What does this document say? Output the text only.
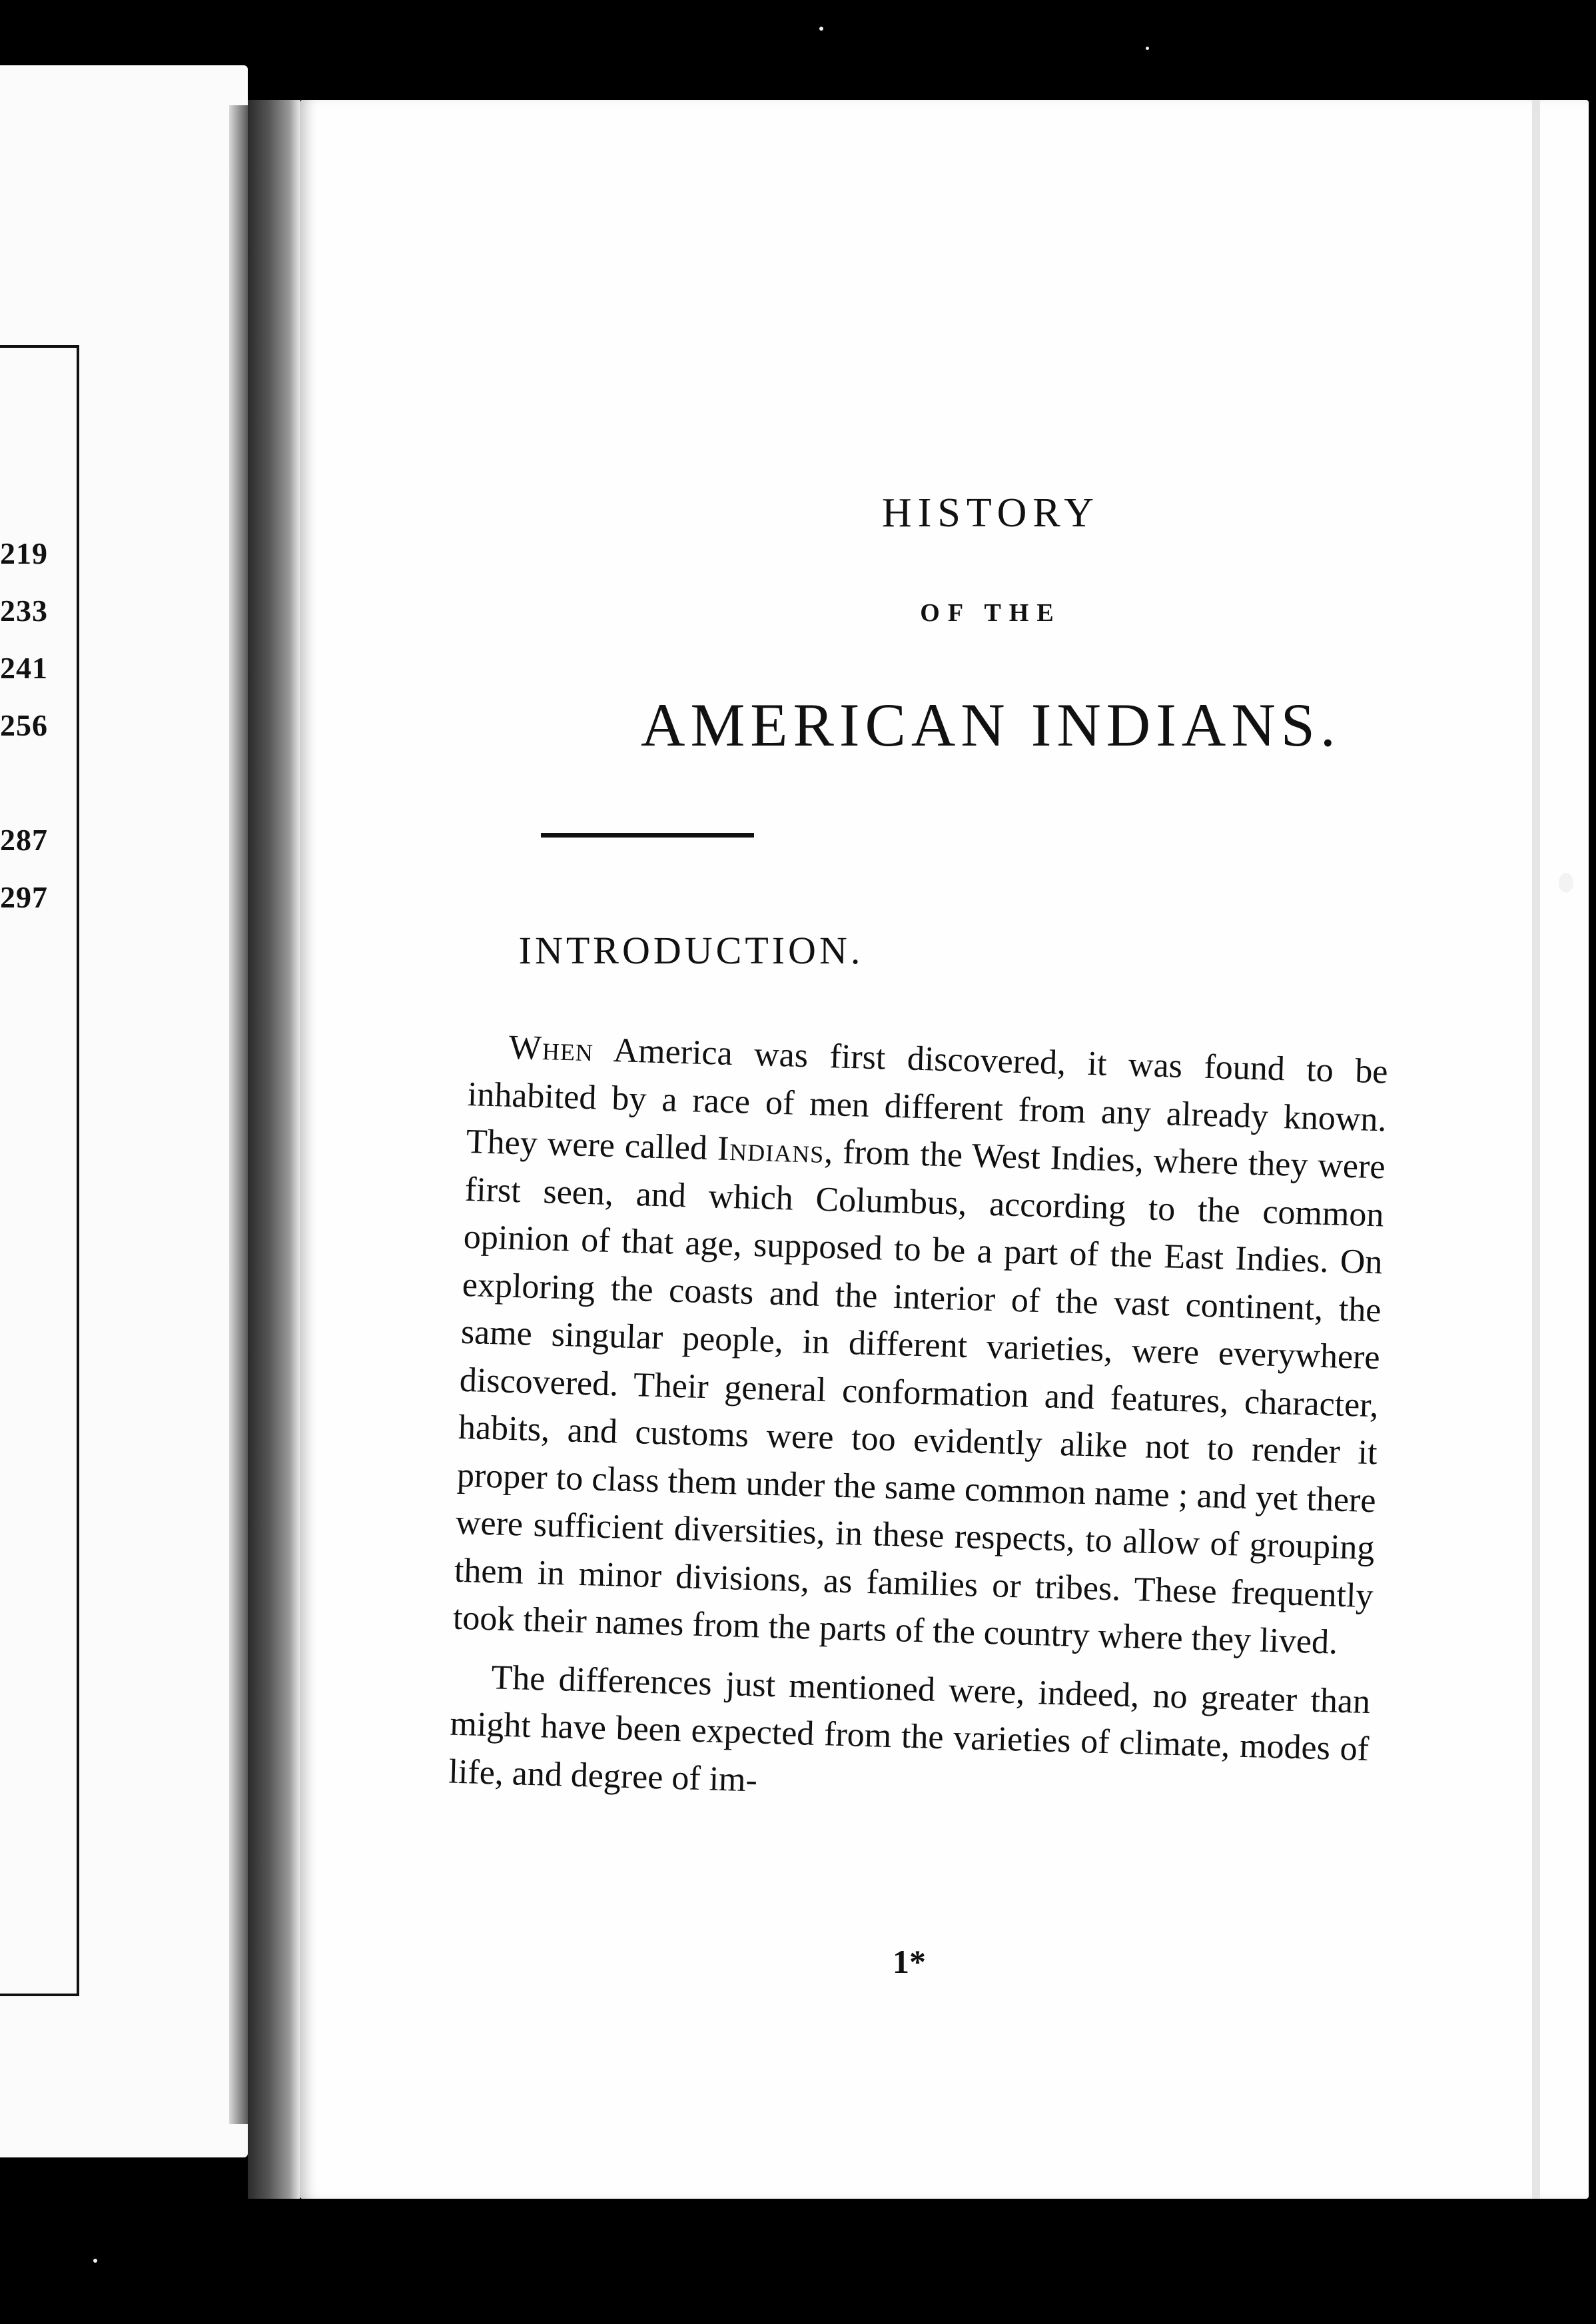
219
233
241
256
287
297
HISTORY
OF THE
AMERICAN INDIANS.
INTRODUCTION.

When America was first discovered, it was found to be inhabited by a race of men different from any already known. They were called Indians, from the West Indies, where they were first seen, and which Columbus, according to the common opinion of that age, supposed to be a part of the East Indies. On exploring the coasts and the interior of the vast continent, the same singular people, in different varieties, were everywhere discovered. Their general conformation and features, character, habits, and customs were too evidently alike not to render it proper to class them under the same common name ; and yet there were sufficient diversities, in these respects, to allow of grouping them in minor divisions, as families or tribes. These frequently took their names from the parts of the country where they lived.

The differences just mentioned were, indeed, no greater than might have been expected from the varieties of climate, modes of life, and degree of im-

1*
